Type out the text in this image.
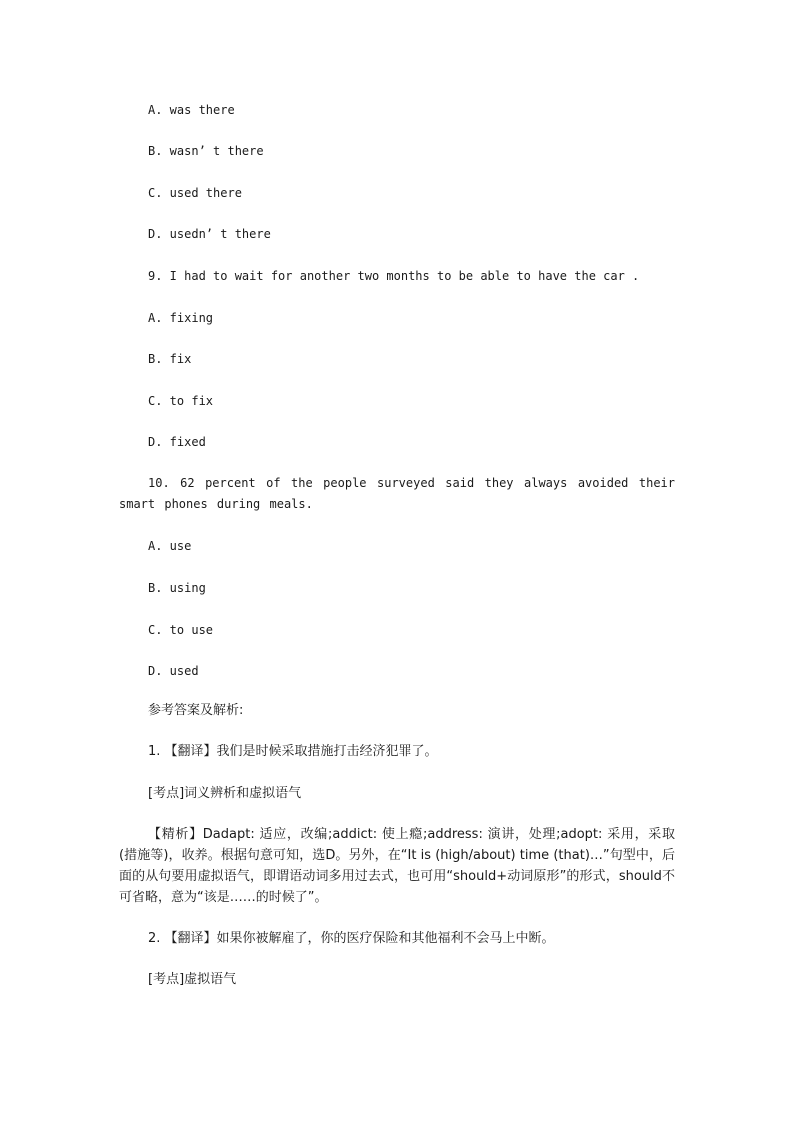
A. was there
B. wasn’ t there
C. used there
D. usedn’ t there
9. I had to wait for another two months to be able to have the car .
A. fixing
B. fix
C. to fix
D. fixed
10. 62 percent of the people surveyed said they always avoided their smart phones during meals.
A. use
B. using
C. to use
D. used
参考答案及解析:
1. 【翻译】我们是时候采取措施打击经济犯罪了。
[考点]词义辨析和虚拟语气
【精析】Dadapt: 适应，改编;addict: 使上瘾;address: 演讲，处理;adopt: 采用，采取(措施等)，收养。根据句意可知，选D。另外，在“It is (high/about) time (that)…”句型中，后面的从句要用虚拟语气，即谓语动词多用过去式，也可用“should+动词原形”的形式，should不可省略，意为“该是……的时候了”。
2. 【翻译】如果你被解雇了，你的医疗保险和其他福利不会马上中断。
[考点]虚拟语气
